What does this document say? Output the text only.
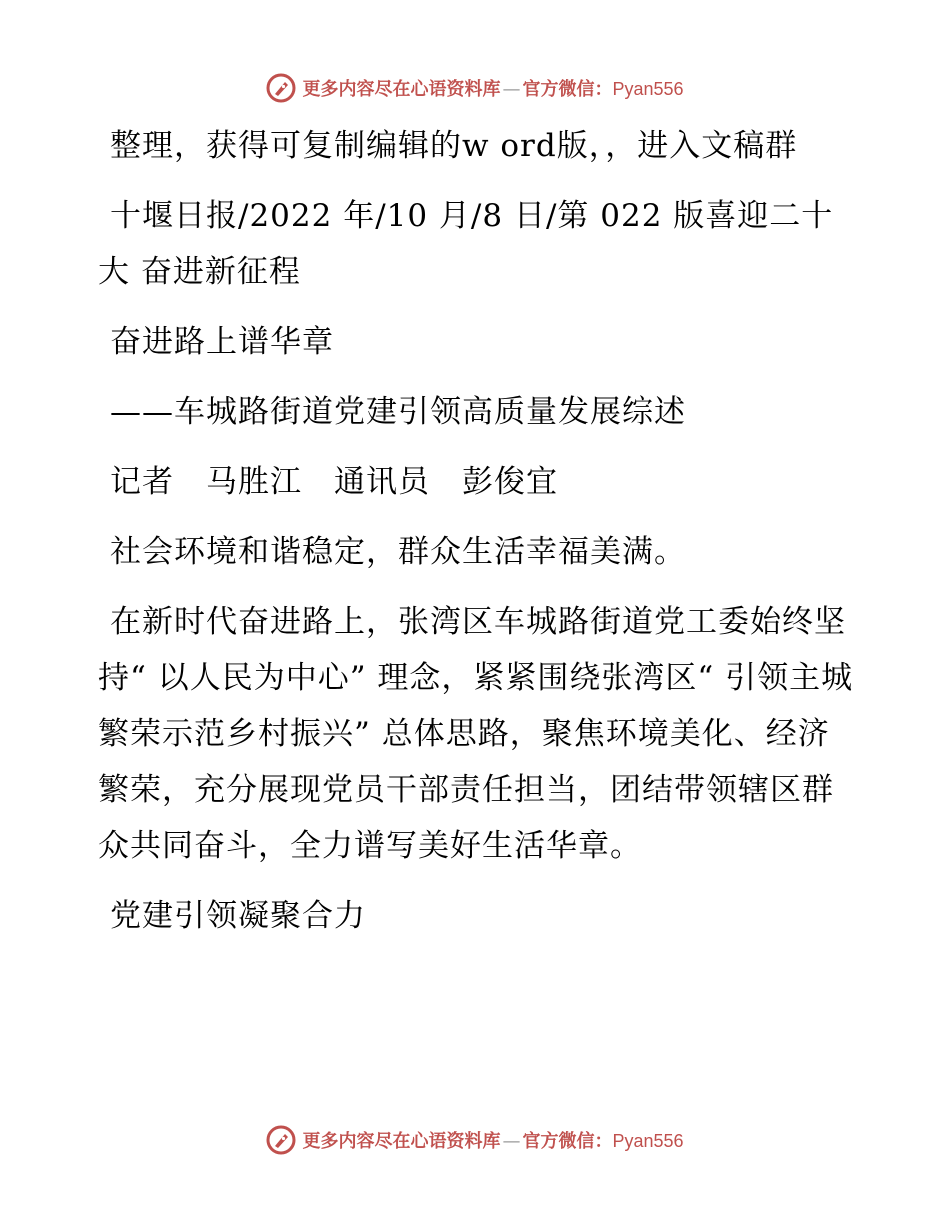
更多内容尽在心语资料库 — 官方微信：Pyan556

整理，获得可复制编辑的w ord版，，进入文稿群

十堰日报/2022 年/10 月/8 日/第 022 版喜迎二十大 奋进新征程

奋进路上谱华章

——车城路街道党建引领高质量发展综述

记者　马胜江　通讯员　彭俊宜

社会环境和谐稳定，群众生活幸福美满。

在新时代奋进路上，张湾区车城路街道党工委始终坚持“ 以人民为中心” 理念，紧紧围绕张湾区“ 引领主城繁荣示范乡村振兴” 总体思路，聚焦环境美化、经济繁荣，充分展现党员干部责任担当，团结带领辖区群众共同奋斗，全力谱写美好生活华章。

党建引领凝聚合力

更多内容尽在心语资料库 — 官方微信：Pyan556
